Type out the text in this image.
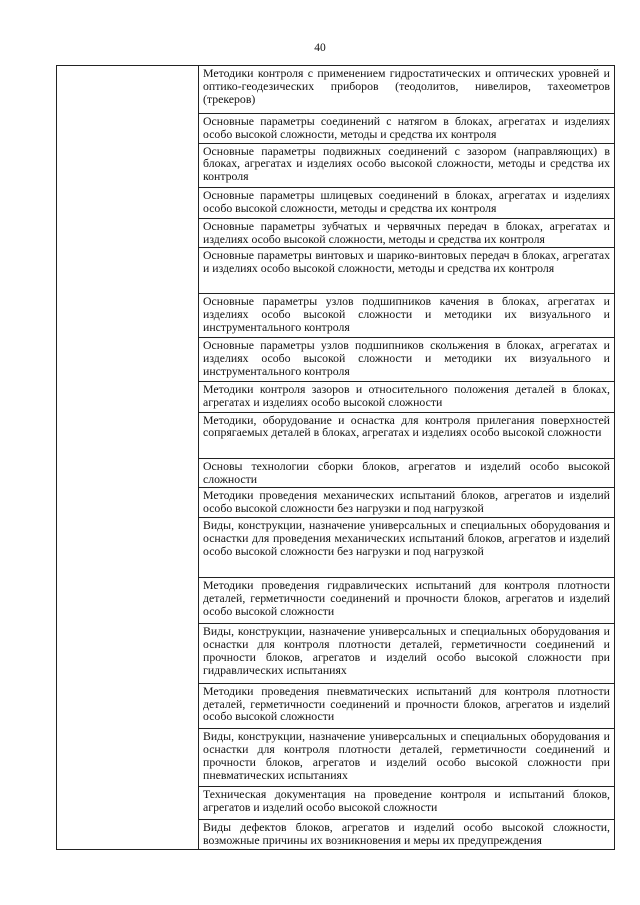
40
	Методики контроля с применением гидростатических и оптических уровней и оптико-геодезических приборов (теодолитов, нивелиров, тахеометров (трекеров)
Основные параметры соединений с натягом в блоках, агрегатах и изделиях особо высокой сложности, методы и средства их контроля
Основные параметры подвижных соединений с зазором (направляющих) в блоках, агрегатах и изделиях особо высокой сложности, методы и средства их контроля
Основные параметры шлицевых соединений в блоках, агрегатах и изделиях особо высокой сложности, методы и средства их контроля
Основные параметры зубчатых и червячных передач в блоках, агрегатах и изделиях особо высокой сложности, методы и средства их контроля
Основные параметры винтовых и шарико-винтовых передач в блоках, агрегатах и изделиях особо высокой сложности, методы и средства их контроля
Основные параметры узлов подшипников качения в блоках, агрегатах и изделиях особо высокой сложности и методики их визуального и инструментального контроля
Основные параметры узлов подшипников скольжения в блоках, агрегатах и изделиях особо высокой сложности и методики их визуального и инструментального контроля
Методики контроля зазоров и относительного положения деталей в блоках, агрегатах и изделиях особо высокой сложности
Методики, оборудование и оснастка для контроля прилегания поверхностей сопрягаемых деталей в блоках, агрегатах и изделиях особо высокой сложности
Основы технологии сборки блоков, агрегатов и изделий особо высокой сложности
Методики проведения механических испытаний блоков, агрегатов и изделий особо высокой сложности без нагрузки и под нагрузкой
Виды, конструкции, назначение универсальных и специальных оборудования и оснастки для проведения механических испытаний блоков, агрегатов и изделий особо высокой сложности без нагрузки и под нагрузкой
Методики проведения гидравлических испытаний для контроля плотности деталей, герметичности соединений и прочности блоков, агрегатов и изделий особо высокой сложности
Виды, конструкции, назначение универсальных и специальных оборудования и оснастки для контроля плотности деталей, герметичности соединений и прочности блоков, агрегатов и изделий особо высокой сложности при гидравлических испытаниях
Методики проведения пневматических испытаний для контроля плотности деталей, герметичности соединений и прочности блоков, агрегатов и изделий особо высокой сложности
Виды, конструкции, назначение универсальных и специальных оборудования и оснастки для контроля плотности деталей, герметичности соединений и прочности блоков, агрегатов и изделий особо высокой сложности при пневматических испытаниях
Техническая документация на проведение контроля и испытаний блоков, агрегатов и изделий особо высокой сложности
Виды дефектов блоков, агрегатов и изделий особо высокой сложности, возможные причины их возникновения и меры их предупреждения
